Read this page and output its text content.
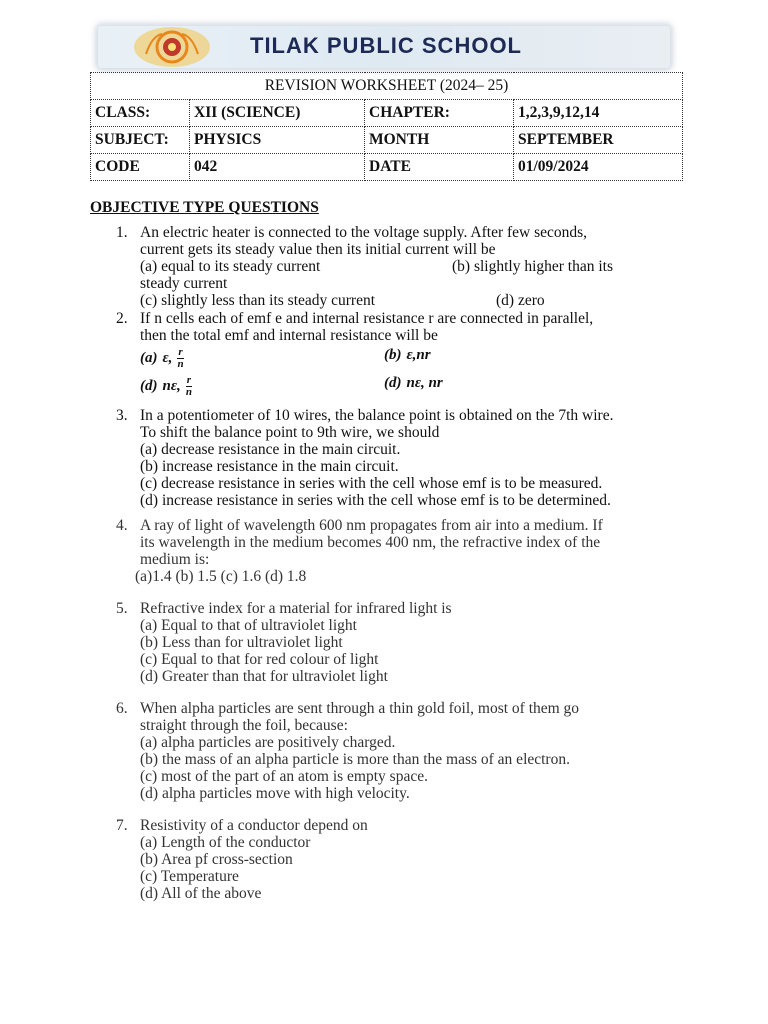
TILAK PUBLIC SCHOOL
REVISION WORKSHEET (2024– 25)			
CLASS:	XII (SCIENCE)	CHAPTER:	1,2,3,9,12,14
SUBJECT:	PHYSICS	MONTH	SEPTEMBER
CODE	042	DATE	01/09/2024
OBJECTIVE TYPE QUESTIONS
1. An electric heater is connected to the voltage supply. After few seconds,
current gets its steady value then its initial current will be
(a) equal to its steady current	(b) slightly higher than its
steady current
(c) slightly less than its steady current	(d) zero
2. If n cells each of emf e and internal resistance r are connected in parallel,
then the total emf and internal resistance will be
(a) ε, $\frac{r}{n}$	(b) ε,nr
(d) nε, $\frac{r}{n}$	(d) nε, nr
3. In a potentiometer of 10 wires, the balance point is obtained on the 7th wire.
To shift the balance point to 9th wire, we should
(a) decrease resistance in the main circuit.
(b) increase resistance in the main circuit.
(c) decrease resistance in series with the cell whose emf is to be measured.
(d) increase resistance in series with the cell whose emf is to be determined.
4. A ray of light of wavelength 600 nm propagates from air into a medium. If
its wavelength in the medium becomes 400 nm, the refractive index of the
medium is:
(a)1.4 (b) 1.5 (c) 1.6 (d) 1.8
5. Refractive index for a material for infrared light is
(a) Equal to that of ultraviolet light
(b) Less than for ultraviolet light
(c) Equal to that for red colour of light
(d) Greater than that for ultraviolet light
6. When alpha particles are sent through a thin gold foil, most of them go
straight through the foil, because:
(a) alpha particles are positively charged.
(b) the mass of an alpha particle is more than the mass of an electron.
(c) most of the part of an atom is empty space.
(d) alpha particles move with high velocity.
7. Resistivity of a conductor depend on
(a) Length of the conductor
(b) Area pf cross-section
(c) Temperature
(d) All of the above
